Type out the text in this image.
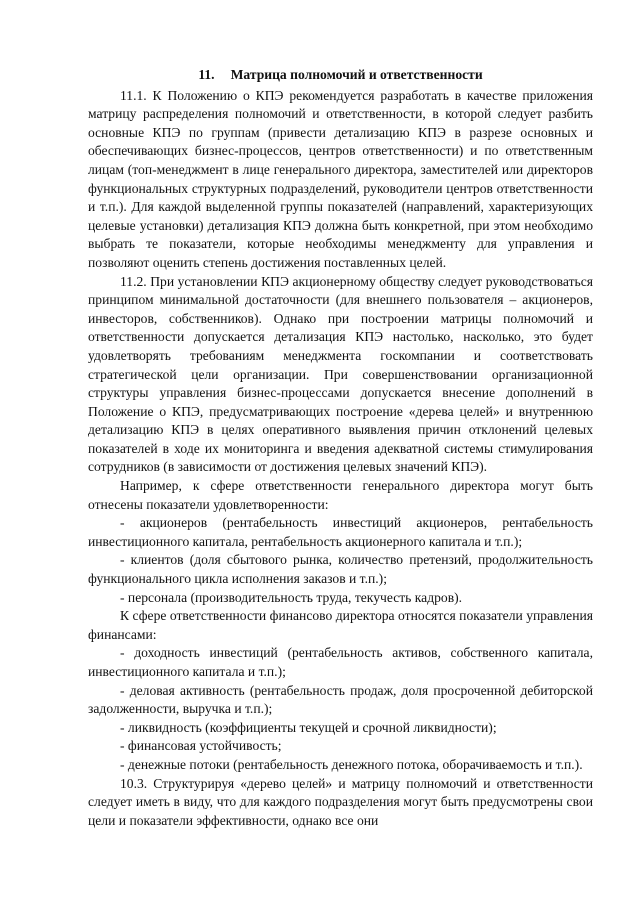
11. Матрица полномочий и ответственности

11.1. К Положению о КПЭ рекомендуется разработать в качестве приложения матрицу распределения полномочий и ответственности, в которой следует разбить основные КПЭ по группам (привести детализацию КПЭ в разрезе основных и обеспечивающих бизнес-процессов, центров ответственности) и по ответственным лицам (топ-менеджмент в лице генерального директора, заместителей или директоров функциональных структурных подразделений, руководители центров ответственности и т.п.). Для каждой выделенной группы показателей (направлений, характеризующих целевые установки) детализация КПЭ должна быть конкретной, при этом необходимо выбрать те показатели, которые необходимы менеджменту для управления и позволяют оценить степень достижения поставленных целей.

11.2. При установлении КПЭ акционерному обществу следует руководствоваться принципом минимальной достаточности (для внешнего пользователя – акционеров, инвесторов, собственников). Однако при построении матрицы полномочий и ответственности допускается детализация КПЭ настолько, насколько, это будет удовлетворять требованиям менеджмента госкомпании и соответствовать стратегической цели организации. При совершенствовании организационной структуры управления бизнес-процессами допускается внесение дополнений в Положение о КПЭ, предусматривающих построение «дерева целей» и внутреннюю детализацию КПЭ в целях оперативного выявления причин отклонений целевых показателей в ходе их мониторинга и введения адекватной системы стимулирования сотрудников (в зависимости от достижения целевых значений КПЭ).

Например, к сфере ответственности генерального директора могут быть отнесены показатели удовлетворенности:

- акционеров (рентабельность инвестиций акционеров, рентабельность инвестиционного капитала, рентабельность акционерного капитала и т.п.);
- клиентов (доля сбытового рынка, количество претензий, продолжительность функционального цикла исполнения заказов и т.п.);
- персонала (производительность труда, текучесть кадров).

К сфере ответственности финансово директора относятся показатели управления финансами:

- доходность инвестиций (рентабельность активов, собственного капитала, инвестиционного капитала и т.п.);
- деловая активность (рентабельность продаж, доля просроченной дебиторской задолженности, выручка и т.п.);
- ликвидность (коэффициенты текущей и срочной ликвидности);
- финансовая устойчивость;
- денежные потоки (рентабельность денежного потока, оборачиваемость и т.п.).

10.3. Структурируя «дерево целей» и матрицу полномочий и ответственности следует иметь в виду, что для каждого подразделения могут быть предусмотрены свои цели и показатели эффективности, однако все они
